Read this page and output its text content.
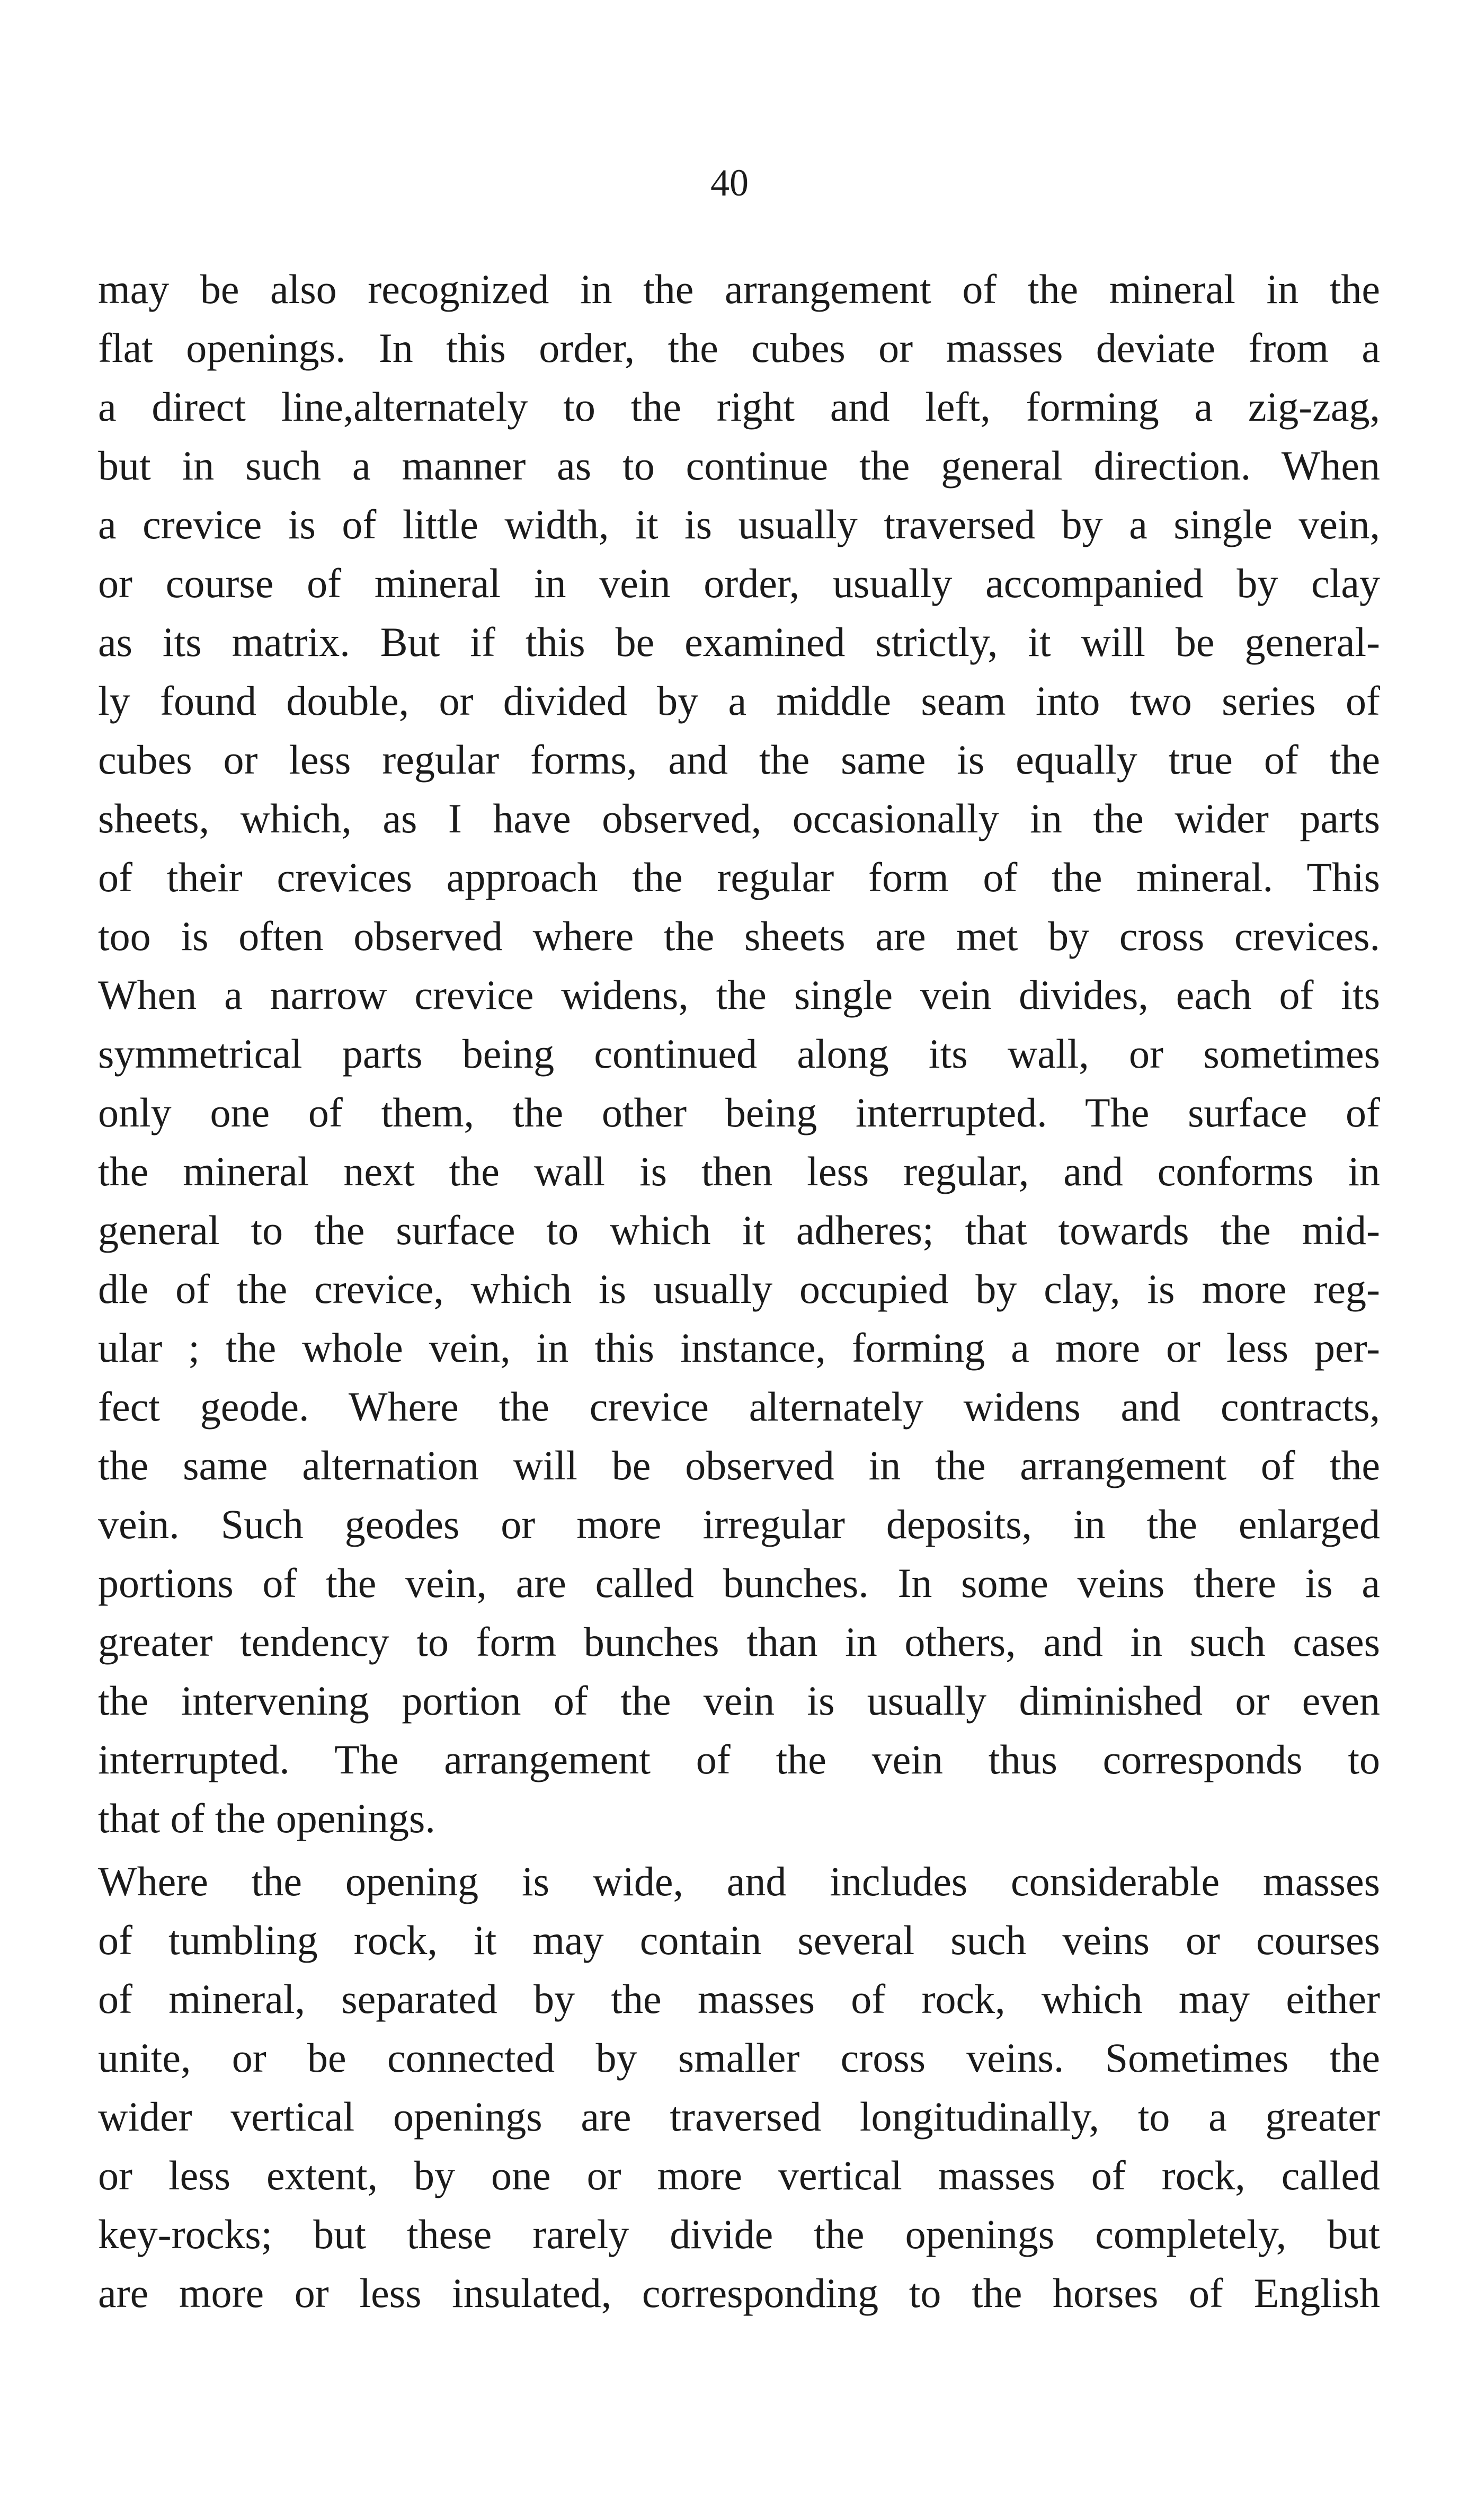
40
may be also recognized in the arrangement of the mineral in the
flat openings. In this order, the cubes or masses deviate from a
a direct line,alternately to the right and left, forming a zig-zag,
but in such a manner as to continue the general direction. When
a crevice is of little width, it is usually traversed by a single vein,
or course of mineral in vein order, usually accompanied by clay
as its matrix. But if this be examined strictly, it will be general-
ly found double, or divided by a middle seam into two series of
cubes or less regular forms, and the same is equally true of the
sheets, which, as I have observed, occasionally in the wider parts
of their crevices approach the regular form of the mineral. This
too is often observed where the sheets are met by cross crevices.
When a narrow crevice widens, the single vein divides, each of its
symmetrical parts being continued along its wall, or sometimes
only one of them, the other being interrupted. The surface of
the mineral next the wall is then less regular, and conforms in
general to the surface to which it adheres; that towards the mid-
dle of the crevice, which is usually occupied by clay, is more reg-
ular ; the whole vein, in this instance, forming a more or less per-
fect geode. Where the crevice alternately widens and contracts,
the same alternation will be observed in the arrangement of the
vein. Such geodes or more irregular deposits, in the enlarged
portions of the vein, are called bunches. In some veins there is a
greater tendency to form bunches than in others, and in such cases
the intervening portion of the vein is usually diminished or even
interrupted. The arrangement of the vein thus corresponds to
that of the openings.
Where the opening is wide, and includes considerable masses
of tumbling rock, it may contain several such veins or courses
of mineral, separated by the masses of rock, which may either
unite, or be connected by smaller cross veins. Sometimes the
wider vertical openings are traversed longitudinally, to a greater
or less extent, by one or more vertical masses of rock, called
key-rocks; but these rarely divide the openings completely, but
are more or less insulated, corresponding to the horses of English
